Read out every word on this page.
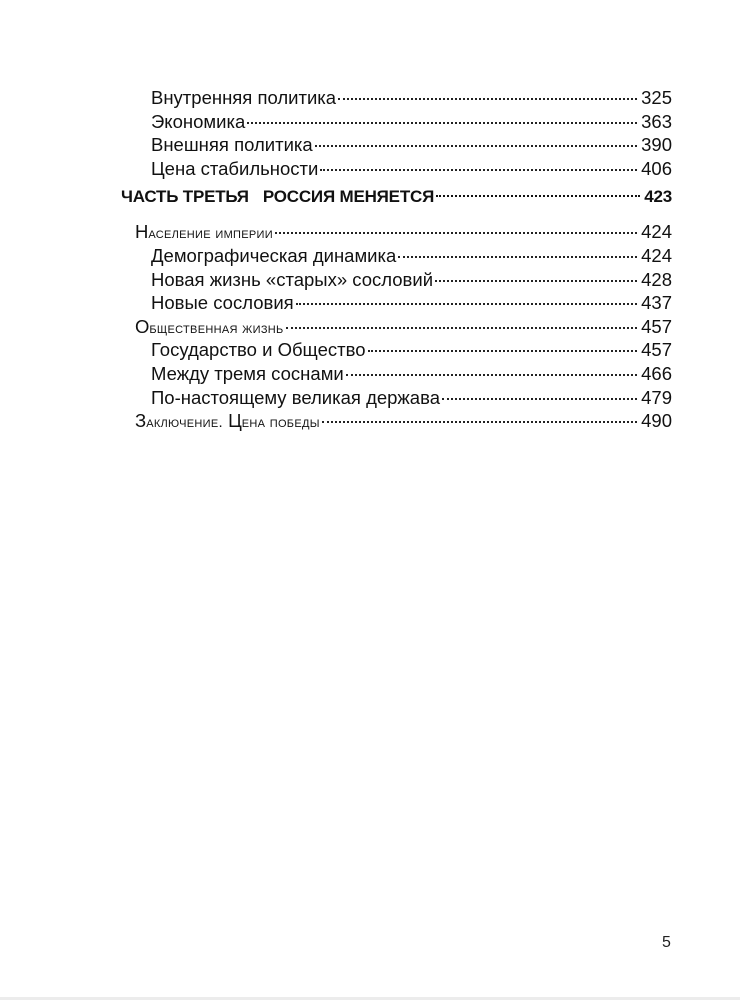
Внутренняя политика	325
Экономика	363
Внешняя политика	390
Цена стабильности	406
ЧАСТЬ ТРЕТЬЯ РОССИЯ МЕНЯЕТСЯ	423
Население империи	424
Демографическая динамика	424
Новая жизнь «старых» сословий	428
Новые сословия	437
Общественная жизнь	457
Государство и Общество	457
Между тремя соснами	466
По-настоящему великая держава	479
Заключение. Цена победы	490
5
